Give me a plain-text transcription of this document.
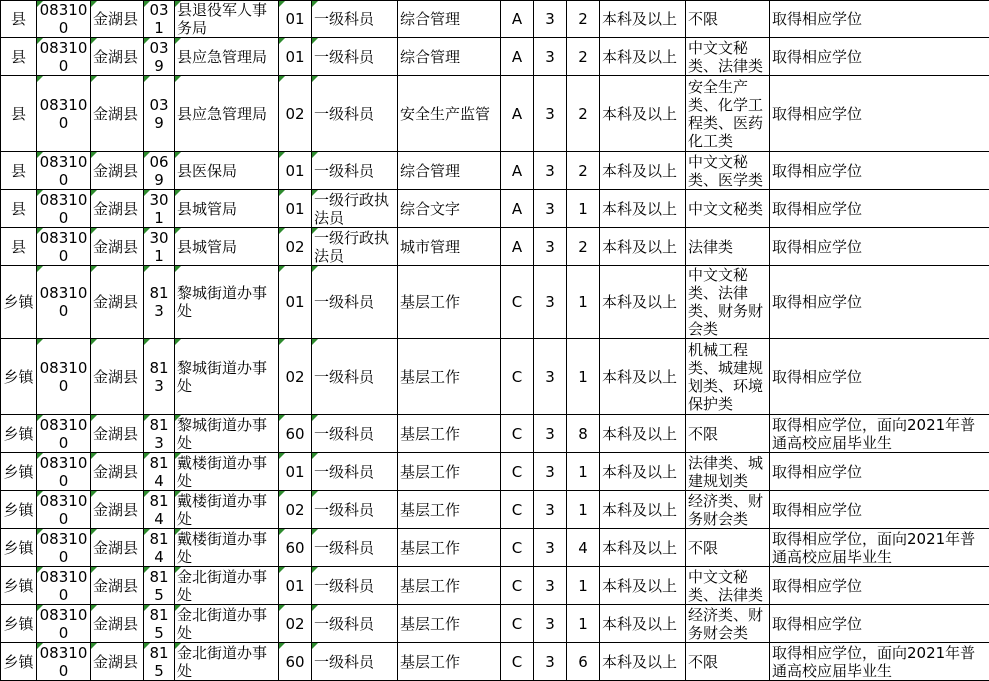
县	083100	金湖县	031	县退役军人事务局	01	一级科员	综合管理	A	3	2	本科及以上	不限	取得相应学位
县	083100	金湖县	039	县应急管理局	01	一级科员	综合管理	A	3	2	本科及以上	中文文秘类、法律类	取得相应学位
县	083100	金湖县	039	县应急管理局	02	一级科员	安全生产监管	A	3	2	本科及以上	安全生产类、化学工程类、医药化工类	取得相应学位
县	083100	金湖县	069	县医保局	01	一级科员	综合管理	A	3	2	本科及以上	中文文秘类、医学类	取得相应学位
县	083100	金湖县	301	县城管局	01	一级行政执法员	综合文字	A	3	1	本科及以上	中文文秘类	取得相应学位
县	083100	金湖县	301	县城管局	02	一级行政执法员	城市管理	A	3	2	本科及以上	法律类	取得相应学位
乡镇	083100	金湖县	813	黎城街道办事处	01	一级科员	基层工作	C	3	1	本科及以上	中文文秘类、法律类、财务财会类	取得相应学位
乡镇	083100	金湖县	813	黎城街道办事处	02	一级科员	基层工作	C	3	1	本科及以上	机械工程类、城建规划类、环境保护类	取得相应学位
乡镇	083100	金湖县	813	黎城街道办事处	60	一级科员	基层工作	C	3	8	本科及以上	不限	取得相应学位，面向2021年普通高校应届毕业生
乡镇	083100	金湖县	814	戴楼街道办事处	01	一级科员	基层工作	C	3	1	本科及以上	法律类、城建规划类	取得相应学位
乡镇	083100	金湖县	814	戴楼街道办事处	02	一级科员	基层工作	C	3	1	本科及以上	经济类、财务财会类	取得相应学位
乡镇	083100	金湖县	814	戴楼街道办事处	60	一级科员	基层工作	C	3	4	本科及以上	不限	取得相应学位，面向2021年普通高校应届毕业生
乡镇	083100	金湖县	815	金北街道办事处	01	一级科员	基层工作	C	3	1	本科及以上	中文文秘类、法律类	取得相应学位
乡镇	083100	金湖县	815	金北街道办事处	02	一级科员	基层工作	C	3	1	本科及以上	经济类、财务财会类	取得相应学位
乡镇	083100	金湖县	815	金北街道办事处	60	一级科员	基层工作	C	3	6	本科及以上	不限	取得相应学位，面向2021年普通高校应届毕业生
